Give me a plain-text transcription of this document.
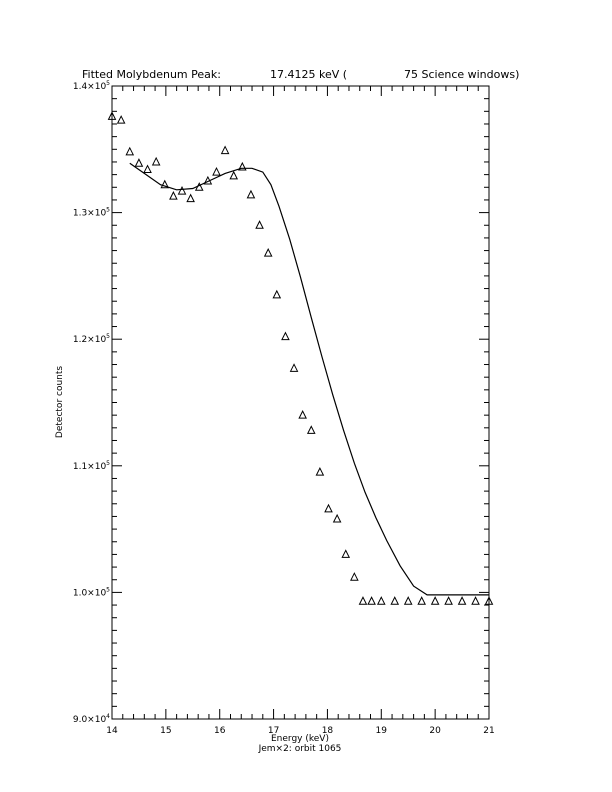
Fitted Molybdenum Peak:	17.4125 keV (	75 Science windows)
14	15	16	17	18	19	20	21
$9.0\times 10^4$
$1.0\times 10^5$
$1.1\times 10^5$
$1.2\times 10^5$
$1.3\times 10^5$
$1.4\times 10^5$
Energy (keV)
Jem×2: orbit 1065
Detector counts
